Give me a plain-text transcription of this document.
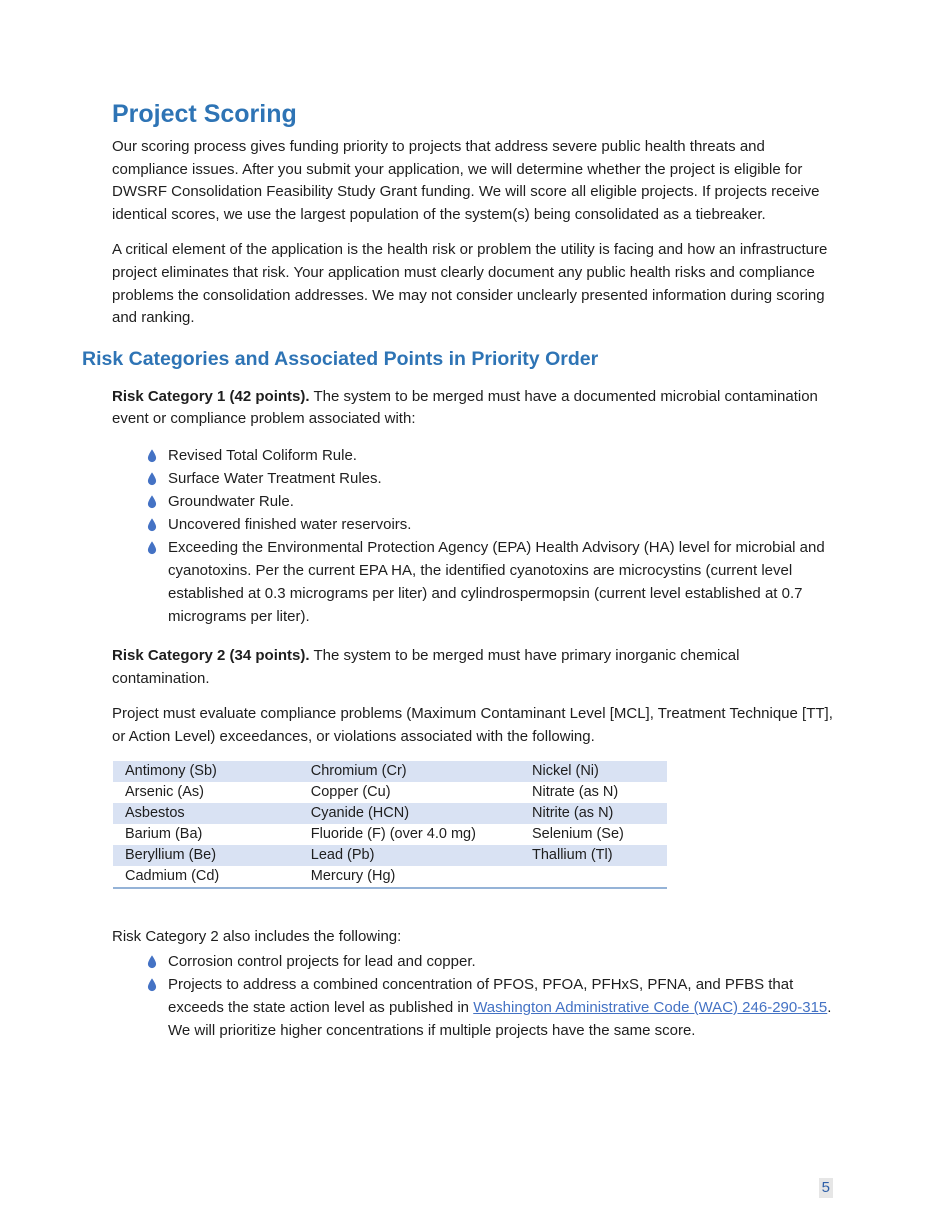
Project Scoring

Our scoring process gives funding priority to projects that address severe public health threats and compliance issues. After you submit your application, we will determine whether the project is eligible for DWSRF Consolidation Feasibility Study Grant funding. We will score all eligible projects. If projects receive identical scores, we use the largest population of the system(s) being consolidated as a tiebreaker.

A critical element of the application is the health risk or problem the utility is facing and how an infrastructure project eliminates that risk. Your application must clearly document any public health risks and compliance problems the consolidation addresses. We may not consider unclearly presented information during scoring and ranking.

Risk Categories and Associated Points in Priority Order

Risk Category 1 (42 points). The system to be merged must have a documented microbial contamination event or compliance problem associated with:

Revised Total Coliform Rule.
Surface Water Treatment Rules.
Groundwater Rule.
Uncovered finished water reservoirs.
Exceeding the Environmental Protection Agency (EPA) Health Advisory (HA) level for microbial and cyanotoxins. Per the current EPA HA, the identified cyanotoxins are microcystins (current level established at 0.3 micrograms per liter) and cylindrospermopsin (current level established at 0.7 micrograms per liter).

Risk Category 2 (34 points). The system to be merged must have primary inorganic chemical contamination.

Project must evaluate compliance problems (Maximum Contaminant Level [MCL], Treatment Technique [TT], or Action Level) exceedances, or violations associated with the following.

Antimony (Sb)	Chromium (Cr)	Nickel (Ni)
Arsenic (As)	Copper (Cu)	Nitrate (as N)
Asbestos	Cyanide (HCN)	Nitrite (as N)
Barium (Ba)	Fluoride (F) (over 4.0 mg)	Selenium (Se)
Beryllium (Be)	Lead (Pb)	Thallium (Tl)
Cadmium (Cd)	Mercury (Hg)	

Risk Category 2 also includes the following:

Corrosion control projects for lead and copper.
Projects to address a combined concentration of PFOS, PFOA, PFHxS, PFNA, and PFBS that exceeds the state action level as published in Washington Administrative Code (WAC) 246-290-315. We will prioritize higher concentrations if multiple projects have the same score.
5
